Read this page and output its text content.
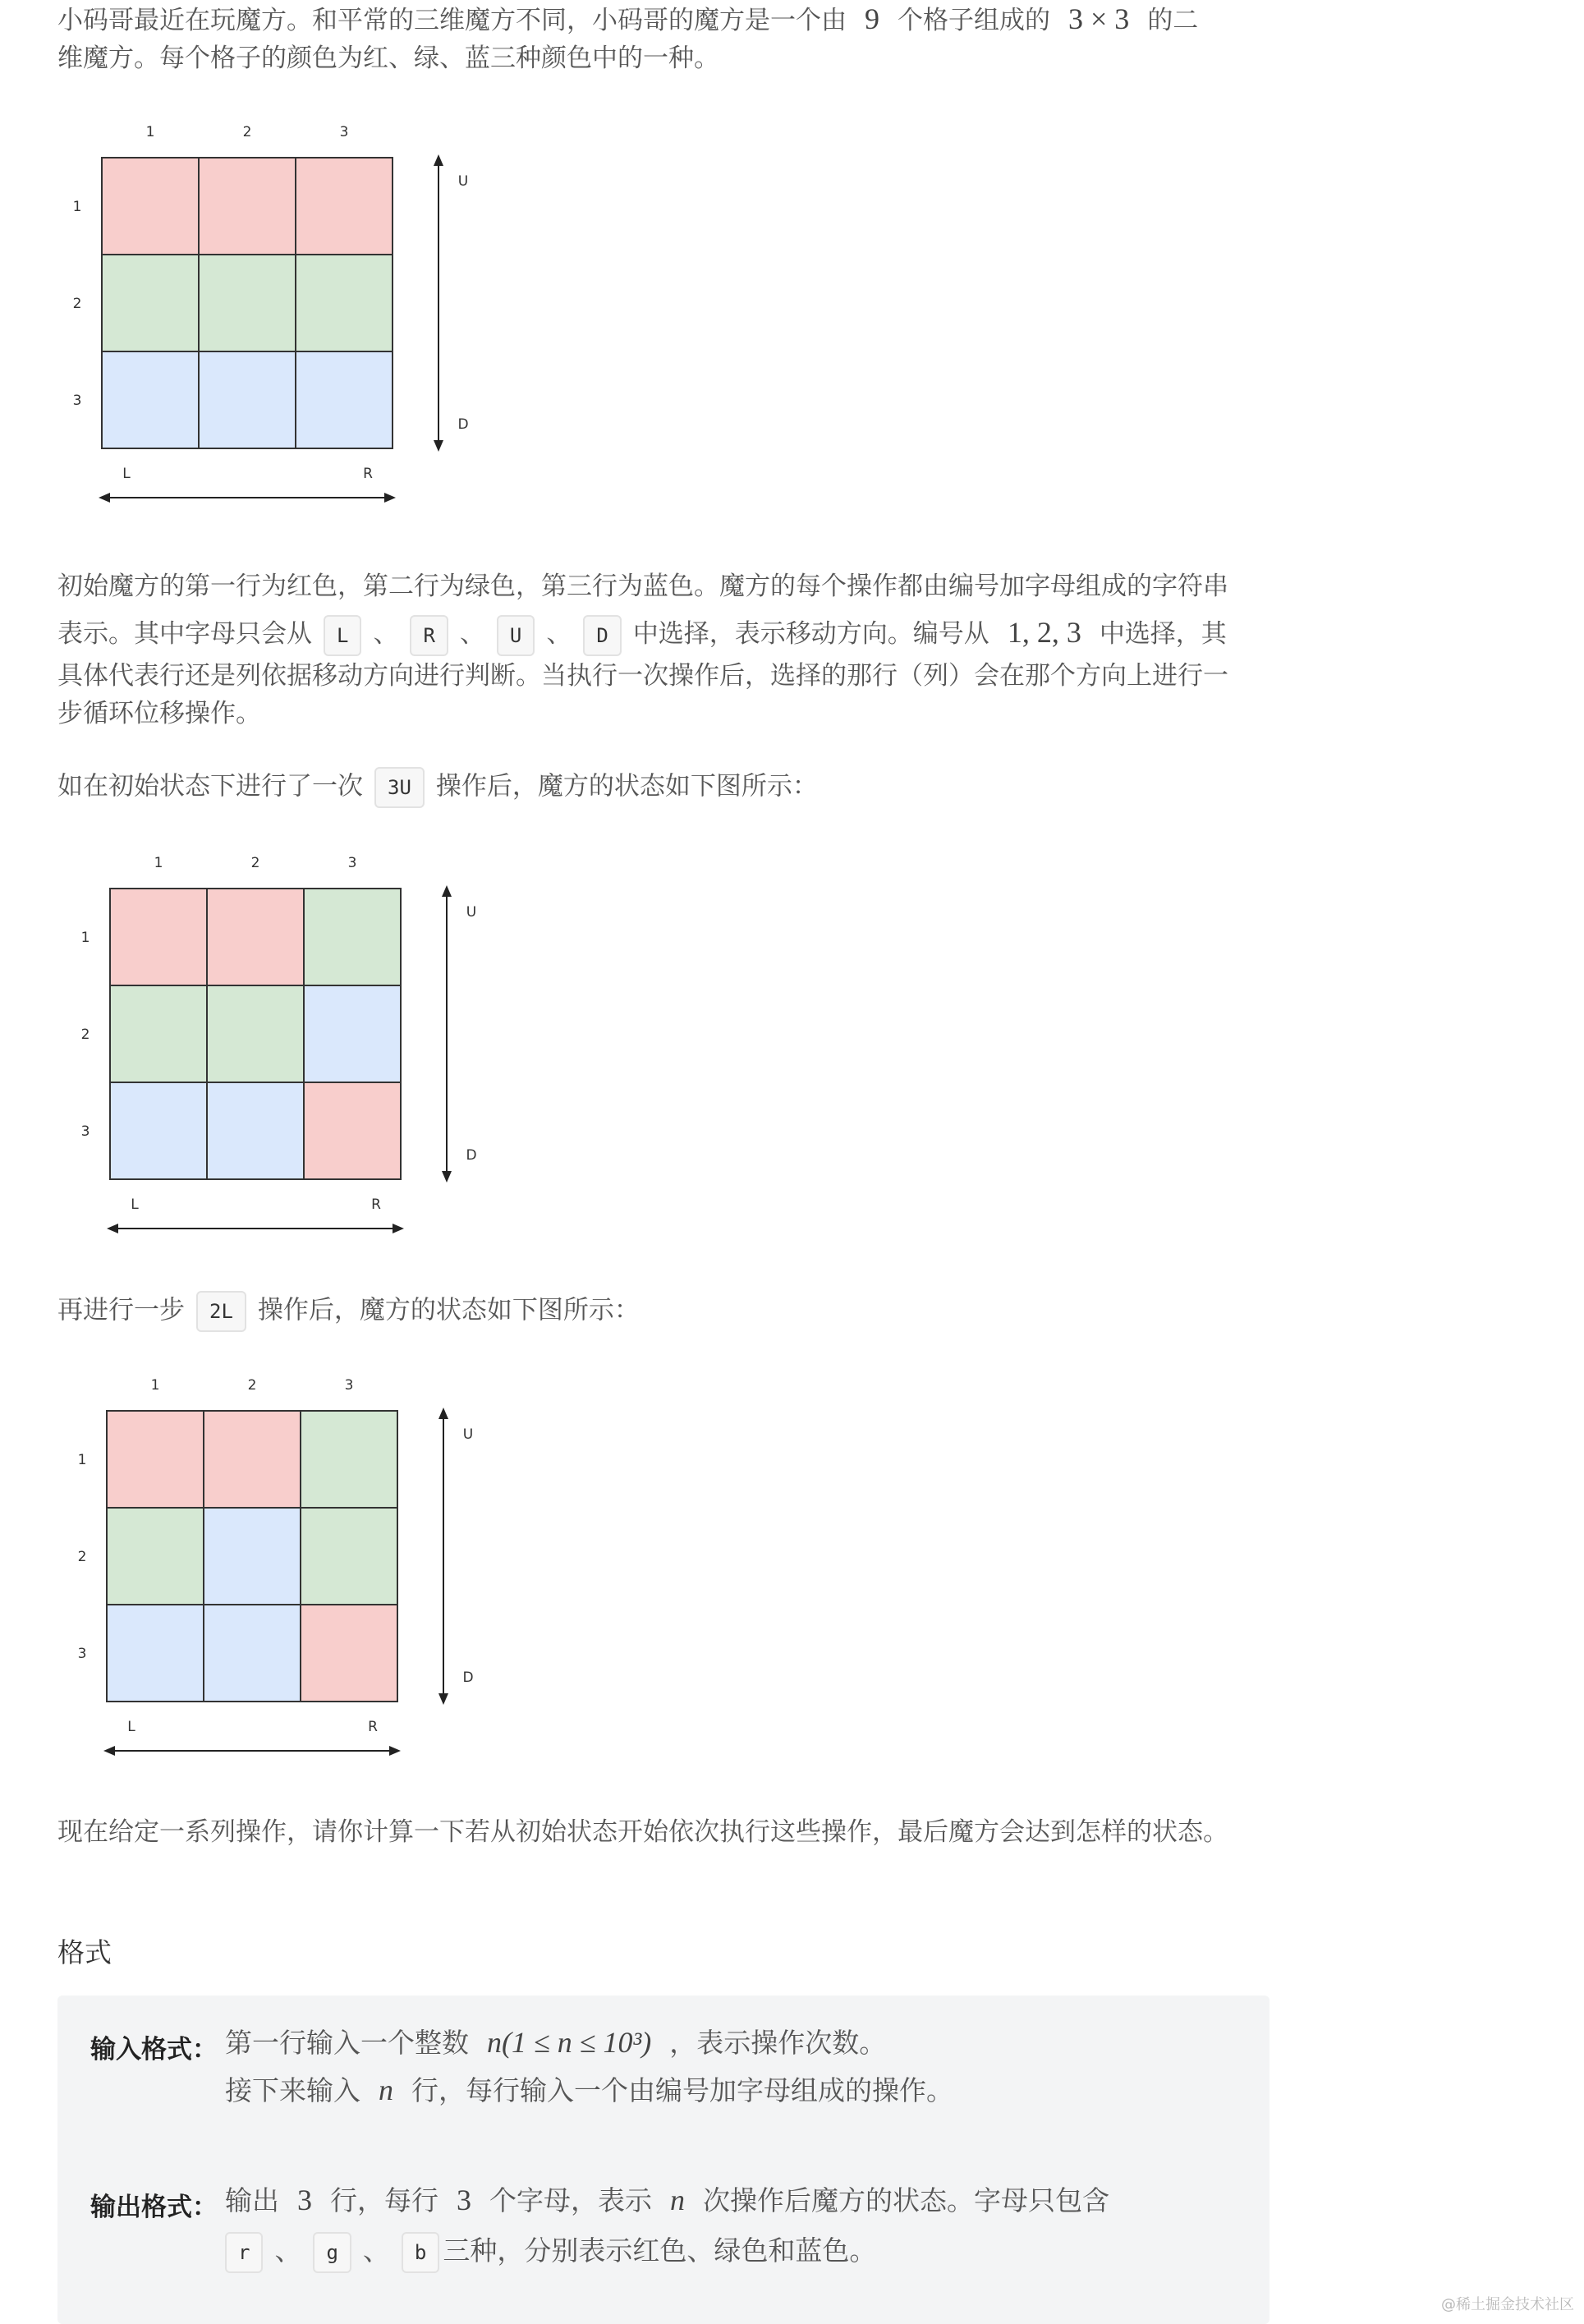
小码哥最近在玩魔方。和平常的三维魔方不同，小码哥的魔方是一个由 9 个格子组成的 3 × 3 的二
维魔方。每个格子的颜色为红、绿、蓝三种颜色中的一种。
1	2	3
1
2
3
U
D
L	R
初始魔方的第一行为红色，第二行为绿色，第三行为蓝色。魔方的每个操作都由编号加字母组成的字符串
表示。其中字母只会从 L 、 R 、 U 、 D 中选择，表示移动方向。编号从 1, 2, 3 中选择，其
具体代表行还是列依据移动方向进行判断。当执行一次操作后，选择的那行（列）会在那个方向上进行一
步循环位移操作。
如在初始状态下进行了一次 3U 操作后，魔方的状态如下图所示：
1	2	3
1
2
3
U
D
L	R
再进行一步 2L 操作后，魔方的状态如下图所示：
1	2	3
1
2
3
U
D
L	R
现在给定一系列操作，请你计算一下若从初始状态开始依次执行这些操作，最后魔方会达到怎样的状态。
格式
输入格式： 第一行输入一个整数 n(1 ≤ n ≤ 10³) ，表示操作次数。
接下来输入 n 行，每行输入一个由编号加字母组成的操作。
输出格式： 输出 3 行，每行 3 个字母，表示 n 次操作后魔方的状态。字母只包含
r 、 g 、 b 三种，分别表示红色、绿色和蓝色。
@稀土掘金技术社区
